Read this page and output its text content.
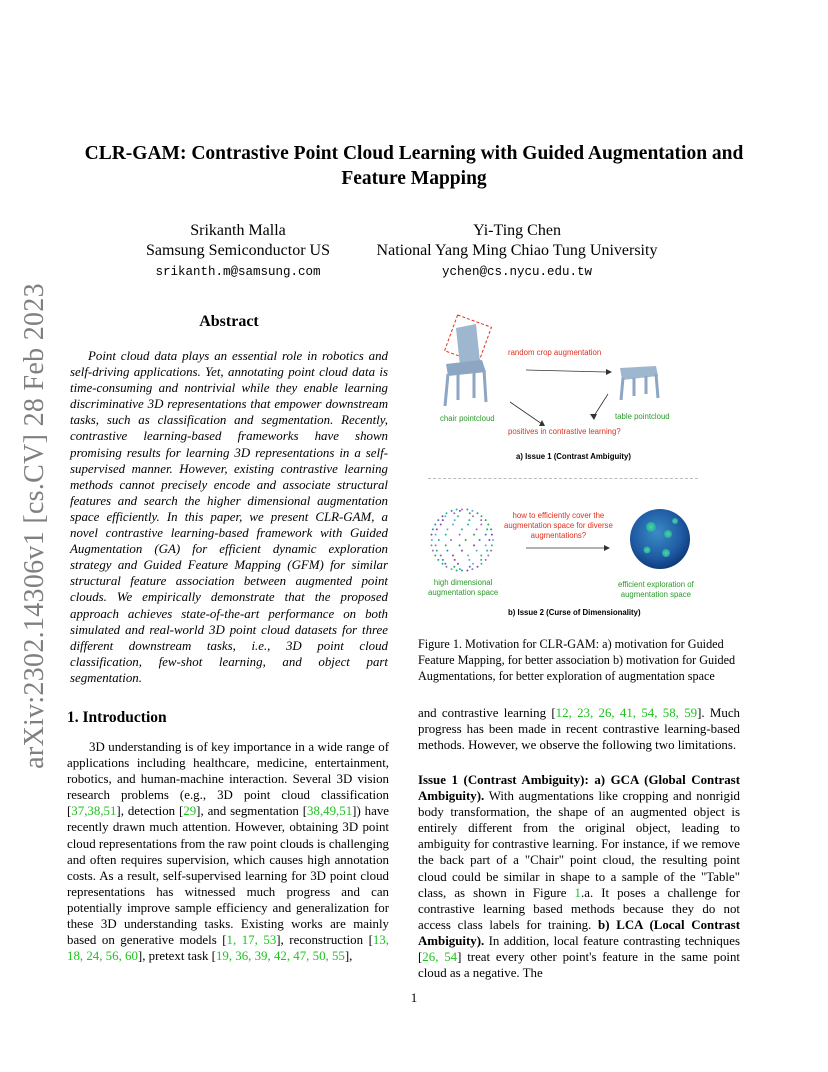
arXiv:2302.14306v1 [cs.CV] 28 Feb 2023
CLR-GAM: Contrastive Point Cloud Learning with Guided Augmentation and
Feature Mapping
Srikanth Malla
Samsung Semiconductor US
srikanth.m@samsung.com
Yi-Ting Chen
National Yang Ming Chiao Tung University
ychen@cs.nycu.edu.tw
Abstract

Point cloud data plays an essential role in robotics and self-driving applications. Yet, annotating point cloud data is time-consuming and nontrivial while they enable learning discriminative 3D representations that empower downstream tasks, such as classification and segmentation. Recently, contrastive learning-based frameworks have shown promising results for learning 3D representations in a self-supervised manner. However, existing contrastive learning methods cannot precisely encode and associate structural features and search the higher dimensional augmentation space efficiently. In this paper, we present CLR-GAM, a novel contrastive learning-based framework with Guided Augmentation (GA) for efficient dynamic exploration strategy and Guided Feature Mapping (GFM) for similar structural feature association between augmented point clouds. We empirically demonstrate that the proposed approach achieves state-of-the-art performance on both simulated and real-world 3D point cloud datasets for three different downstream tasks, i.e., 3D point cloud classification, few-shot learning, and object part segmentation.

random crop augmentation
chair pointcloud	table pointcloud
positives in contrastive learning?
a) Issue 1 (Contrast Ambiguity)
how to efficiently cover the
augmentation space for diverse
augmentations?
high dimensional
augmentation space
efficient exploration of
augmentation space
b) Issue 2 (Curse of Dimensionality)

Figure 1. Motivation for CLR-GAM: a) motivation for Guided Feature Mapping, for better association b) motivation for Guided Augmentations, for better exploration of augmentation space

1. Introduction

3D understanding is of key importance in a wide range of applications including healthcare, medicine, entertainment, robotics, and human-machine interaction. Several 3D vision research problems (e.g., 3D point cloud classification [37,38,51], detection [29], and segmentation [38,49,51]) have recently drawn much attention. However, obtaining 3D point cloud representations from the raw point clouds is challenging and often requires supervision, which causes high annotation costs. As a result, self-supervised learning for 3D point cloud representations has witnessed much progress and can potentially improve sample efficiency and generalization for these 3D understanding tasks. Existing works are mainly based on generative models [1, 17, 53], reconstruction [13, 18, 24, 56, 60], pretext task [19, 36, 39, 42, 47, 50, 55],

and contrastive learning [12, 23, 26, 41, 54, 58, 59]. Much progress has been made in recent contrastive learning-based methods. However, we observe the following two limitations.

Issue 1 (Contrast Ambiguity): a) GCA (Global Contrast Ambiguity). With augmentations like cropping and nonrigid body transformation, the shape of an augmented object is entirely different from the original object, leading to ambiguity for contrastive learning. For instance, if we remove the back part of a "Chair" point cloud, the resulting point cloud could be similar in shape to a sample of the "Table" class, as shown in Figure 1.a. It poses a challenge for contrastive learning based methods because they do not access class labels for training. b) LCA (Local Contrast Ambiguity). In addition, local feature contrasting techniques [26, 54] treat every other point's feature in the same point cloud as a negative. The

1
